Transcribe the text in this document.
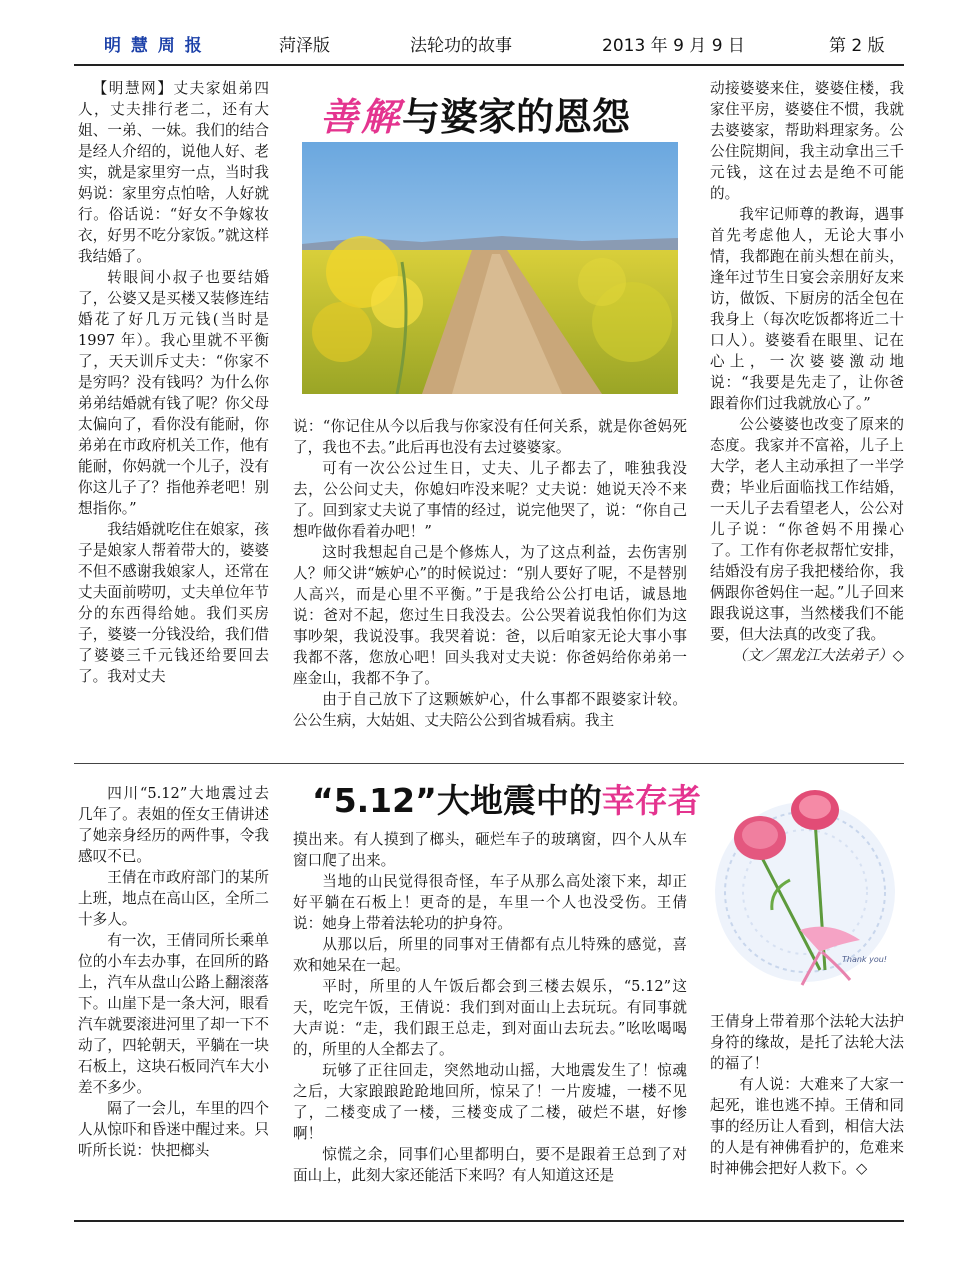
明 慧 周 报	菏泽版	法轮功的故事	2013 年 9 月 9 日	第 2 版
善解与婆家的恩怨

【明慧网】丈夫家姐弟四人，丈夫排行老二，还有大姐、一弟、一妹。我们的结合是经人介绍的，说他人好、老实，就是家里穷一点，当时我妈说：家里穷点怕啥，人好就行。俗话说：“好女不争嫁妆衣，好男不吃分家饭。”就这样我结婚了。

转眼间小叔子也要结婚了，公婆又是买楼又装修连结婚花了好几万元钱(当时是 1997 年）。我心里就不平衡了，天天训斥丈夫：“你家不是穷吗？没有钱吗？为什么你弟弟结婚就有钱了呢？你父母太偏向了，看你没有能耐，你弟弟在市政府机关工作，他有能耐，你妈就一个儿子，没有你这儿子了？指他养老吧！别想指你。”

我结婚就吃住在娘家，孩子是娘家人帮着带大的，婆婆不但不感谢我娘家人，还常在丈夫面前唠叨，丈夫单位年节分的东西得给她。我们买房子，婆婆一分钱没给，我们借了婆婆三千元钱还给要回去了。我对丈夫

说：“你记住从今以后我与你家没有任何关系，就是你爸妈死了，我也不去。”此后再也没有去过婆婆家。

可有一次公公过生日，丈夫、儿子都去了，唯独我没去，公公问丈夫，你媳妇咋没来呢？丈夫说：她说天冷不来了。回到家丈夫说了事情的经过，说完他哭了，说：“你自己想咋做你看着办吧！”

这时我想起自己是个修炼人，为了这点利益，去伤害别人？师父讲“嫉妒心”的时候说过：“别人要好了呢，不是替别人高兴，而是心里不平衡。”于是我给公公打电话，诚恳地说：爸对不起，您过生日我没去。公公哭着说我怕你们为这事吵架，我说没事。我哭着说：爸，以后咱家无论大事小事我都不落，您放心吧！回头我对丈夫说：你爸妈给你弟弟一座金山，我都不争了。

由于自己放下了这颗嫉妒心，什么事都不跟婆家计较。公公生病，大姑姐、丈夫陪公公到省城看病。我主

动接婆婆来住，婆婆住楼，我家住平房，婆婆住不惯，我就去婆婆家，帮助料理家务。公公住院期间，我主动拿出三千元钱，这在过去是绝不可能的。

我牢记师尊的教诲，遇事首先考虑他人，无论大事小情，我都跑在前头想在前头，逢年过节生日宴会亲朋好友来访，做饭、下厨房的活全包在我身上（每次吃饭都将近二十口人）。婆婆看在眼里、记在心上，一次婆婆激动地说：“我要是先走了，让你爸跟着你们过我就放心了。”

公公婆婆也改变了原来的态度。我家并不富裕，儿子上大学，老人主动承担了一半学费；毕业后面临找工作结婚，一天儿子去看望老人，公公对儿子说：“你爸妈不用操心了。工作有你老叔帮忙安排，结婚没有房子我把楼给你，我俩跟你爸妈住一起。”儿子回来跟我说这事，当然楼我们不能要，但大法真的改变了我。

（文／黑龙江大法弟子）◇

“5.12”大地震中的幸存者

四川“5.12”大地震过去几年了。表姐的侄女王倩讲述了她亲身经历的两件事，令我感叹不已。

王倩在市政府部门的某所上班，地点在高山区，全所二十多人。

有一次，王倩同所长乘单位的小车去办事，在回所的路上，汽车从盘山公路上翻滚落下。山崖下是一条大河，眼看汽车就要滚进河里了却一下不动了，四轮朝天，平躺在一块石板上，这块石板同汽车大小差不多少。

隔了一会儿，车里的四个人从惊吓和昏迷中醒过来。只听所长说：快把榔头

摸出来。有人摸到了榔头，砸烂车子的玻璃窗，四个人从车窗口爬了出来。

当地的山民觉得很奇怪，车子从那么高处滚下来，却正好平躺在石板上！更奇的是，车里一个人也没受伤。王倩说：她身上带着法轮功的护身符。

从那以后，所里的同事对王倩都有点儿特殊的感觉，喜欢和她呆在一起。

平时，所里的人午饭后都会到三楼去娱乐，“5.12”这天，吃完午饭，王倩说：我们到对面山上去玩玩。有同事就大声说：“走，我们跟王总走，到对面山去玩去。”吆吆喝喝的，所里的人全都去了。

玩够了正往回走，突然地动山摇，大地震发生了！惊魂之后，大家踉踉跄跄地回所，惊呆了！一片废墟，一楼不见了，二楼变成了一楼，三楼变成了二楼，破烂不堪，好惨啊！

惊慌之余，同事们心里都明白，要不是跟着王总到了对面山上，此刻大家还能活下来吗？有人知道这还是

Thank you!

王倩身上带着那个法轮大法护身符的缘故，是托了法轮大法的福了！

有人说：大难来了大家一起死，谁也逃不掉。王倩和同事的经历让人看到，相信大法的人是有神佛看护的，危难来时神佛会把好人救下。◇
